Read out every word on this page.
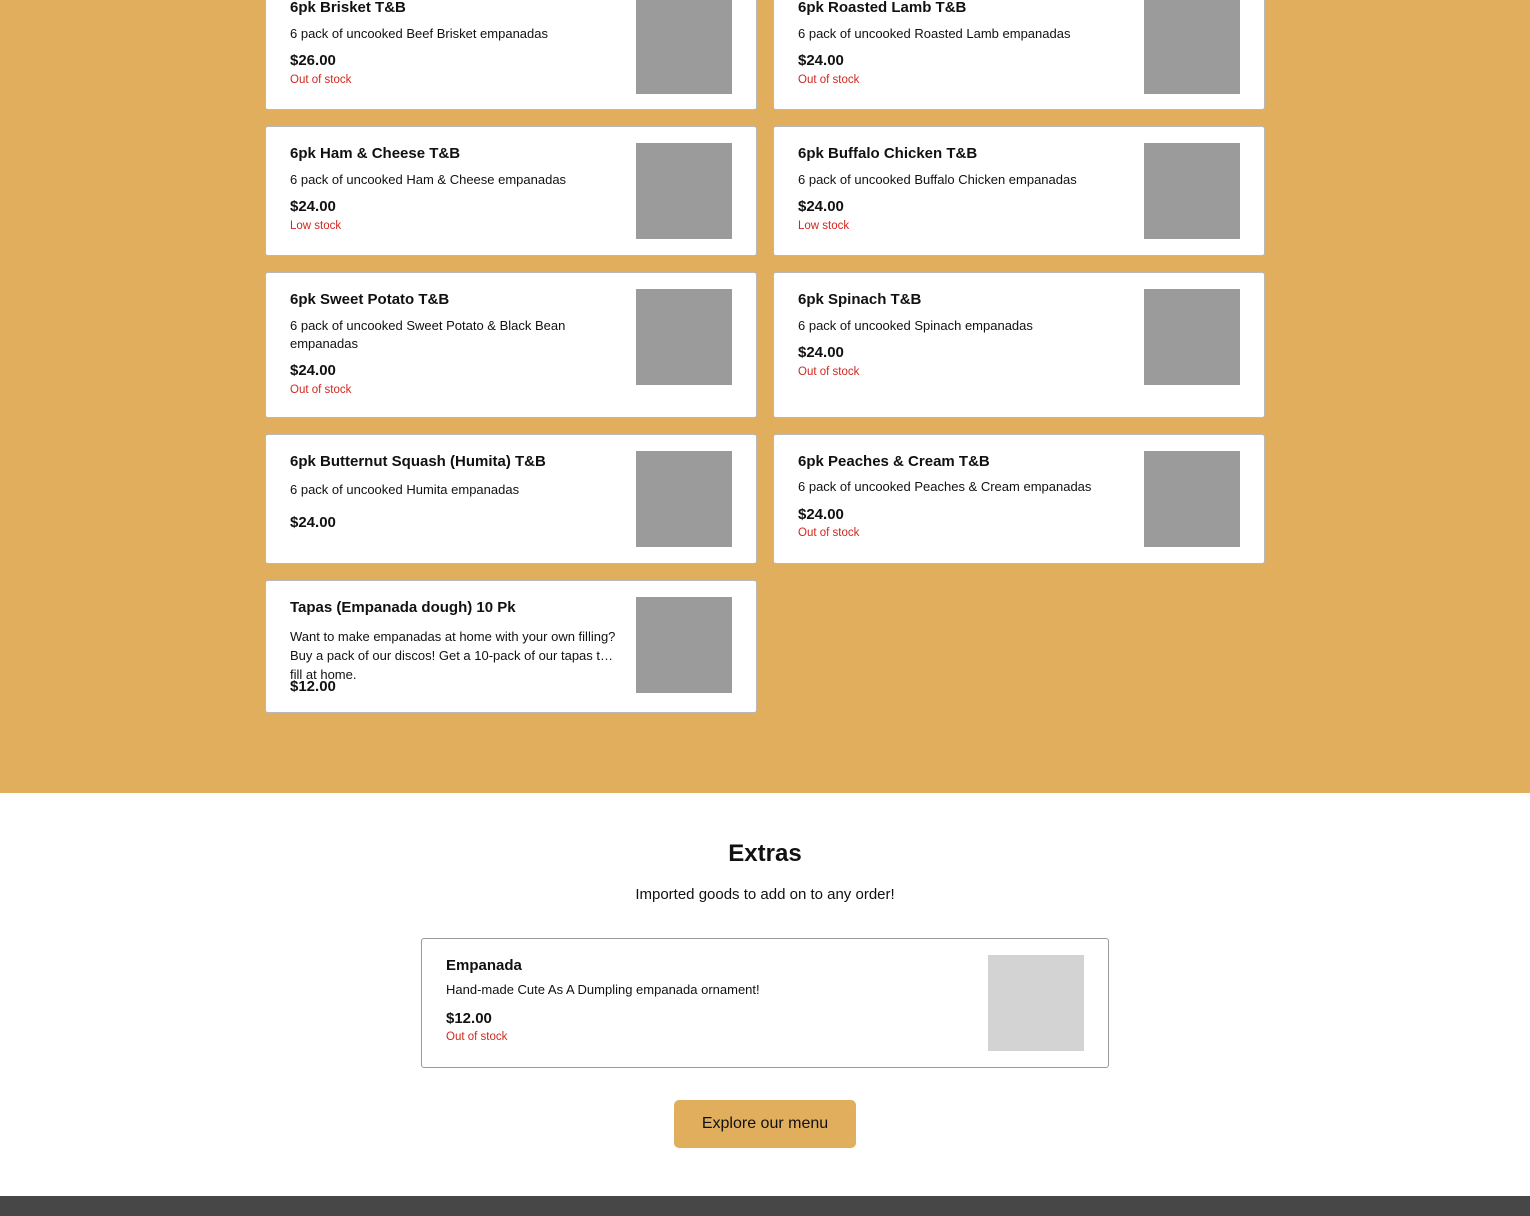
6pk Brisket T&B
6 pack of uncooked Beef Brisket empanadas
$26.00
Out of stock
6pk Roasted Lamb T&B
6 pack of uncooked Roasted Lamb empanadas
$24.00
Out of stock
6pk Ham & Cheese T&B
6 pack of uncooked Ham & Cheese empanadas
$24.00
Low stock
6pk Buffalo Chicken T&B
6 pack of uncooked Buffalo Chicken empanadas
$24.00
Low stock
6pk Sweet Potato T&B
6 pack of uncooked Sweet Potato & Black Bean empanadas
$24.00
Out of stock
6pk Spinach T&B
6 pack of uncooked Spinach empanadas
$24.00
Out of stock
6pk Butternut Squash (Humita) T&B
6 pack of uncooked Humita empanadas
$24.00
6pk Peaches & Cream T&B
6 pack of uncooked Peaches & Cream empanadas
$24.00
Out of stock
Tapas (Empanada dough) 10 Pk
Want to make empanadas at home with your own filling? Buy a pack of our discos! Get a 10-pack of our tapas to fill at home.
$12.00
Extras
Imported goods to add on to any order!
Empanada
Hand-made Cute As A Dumpling empanada ornament!
$12.00
Out of stock
Explore our menu
